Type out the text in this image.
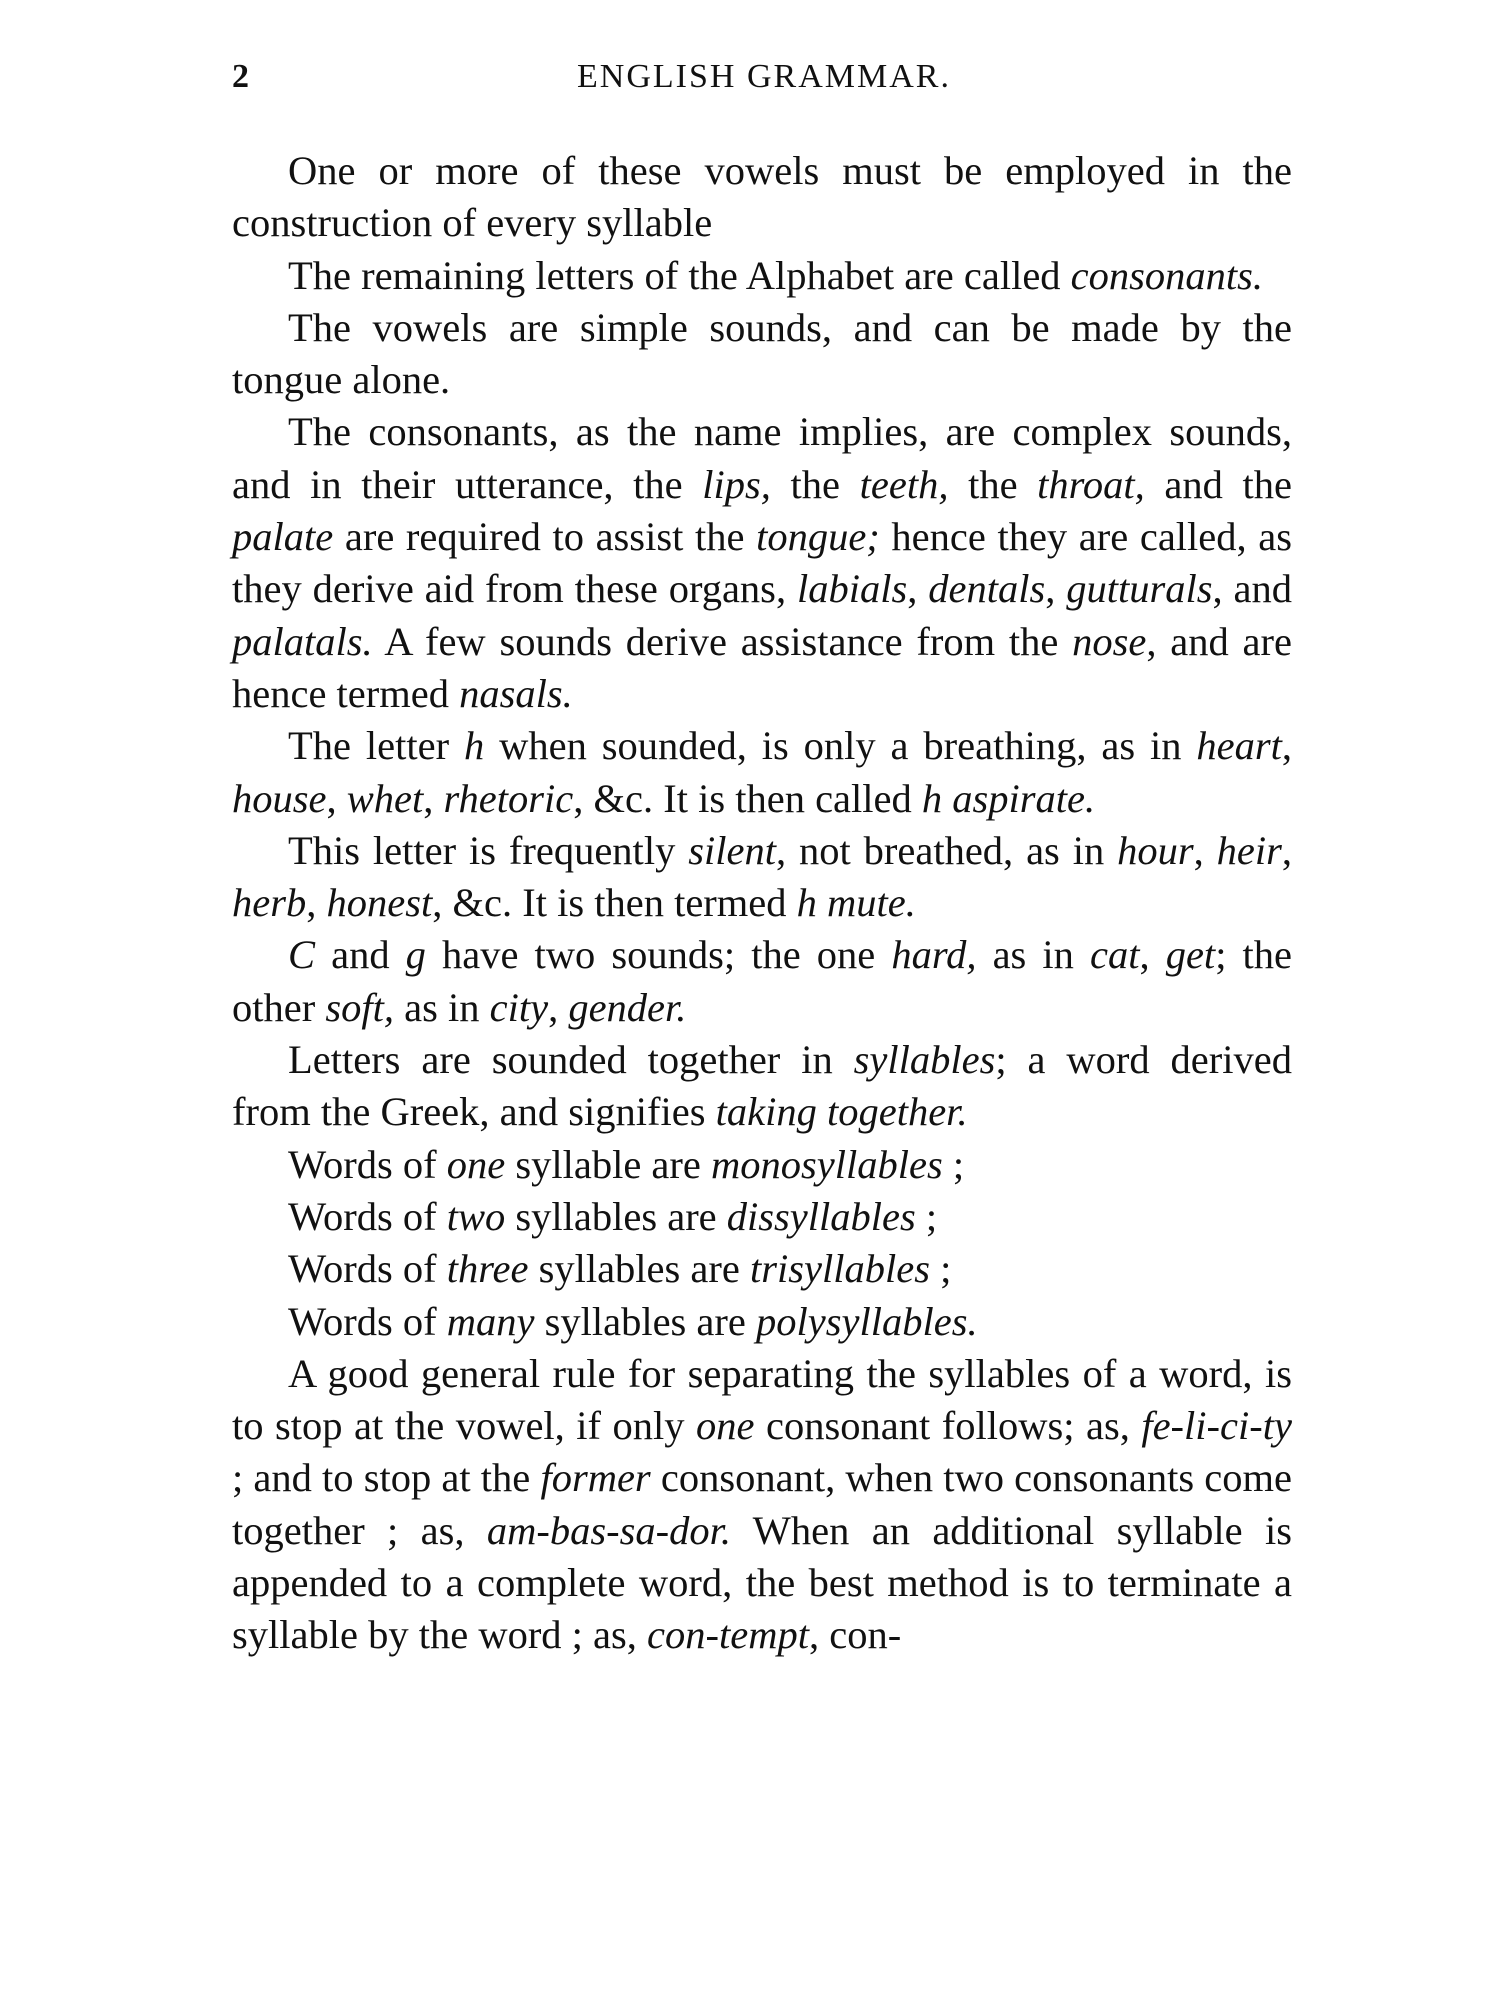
2	ENGLISH GRAMMAR.

One or more of these vowels must be employed in the construction of every syllable

The remaining letters of the Alphabet are called consonants.

The vowels are simple sounds, and can be made by the tongue alone.

The consonants, as the name implies, are complex sounds, and in their utterance, the lips, the teeth, the throat, and the palate are required to assist the tongue; hence they are called, as they derive aid from these organs, labials, dentals, gutturals, and palatals. A few sounds derive assistance from the nose, and are hence termed nasals.

The letter h when sounded, is only a breathing, as in heart, house, whet, rhetoric, &c. It is then called h aspirate.

This letter is frequently silent, not breathed, as in hour, heir, herb, honest, &c. It is then termed h mute.

C and g have two sounds; the one hard, as in cat, get; the other soft, as in city, gender.

Letters are sounded together in syllables; a word derived from the Greek, and signifies taking together.

Words of one syllable are monosyllables ;

Words of two syllables are dissyllables ;

Words of three syllables are trisyllables ;

Words of many syllables are polysyllables.

A good general rule for separating the syllables of a word, is to stop at the vowel, if only one consonant follows; as, fe-li-ci-ty ; and to stop at the former consonant, when two consonants come together ; as, am-bas-sa-dor. When an additional syllable is appended to a complete word, the best method is to terminate a syllable by the word ; as, con-tempt, con-
